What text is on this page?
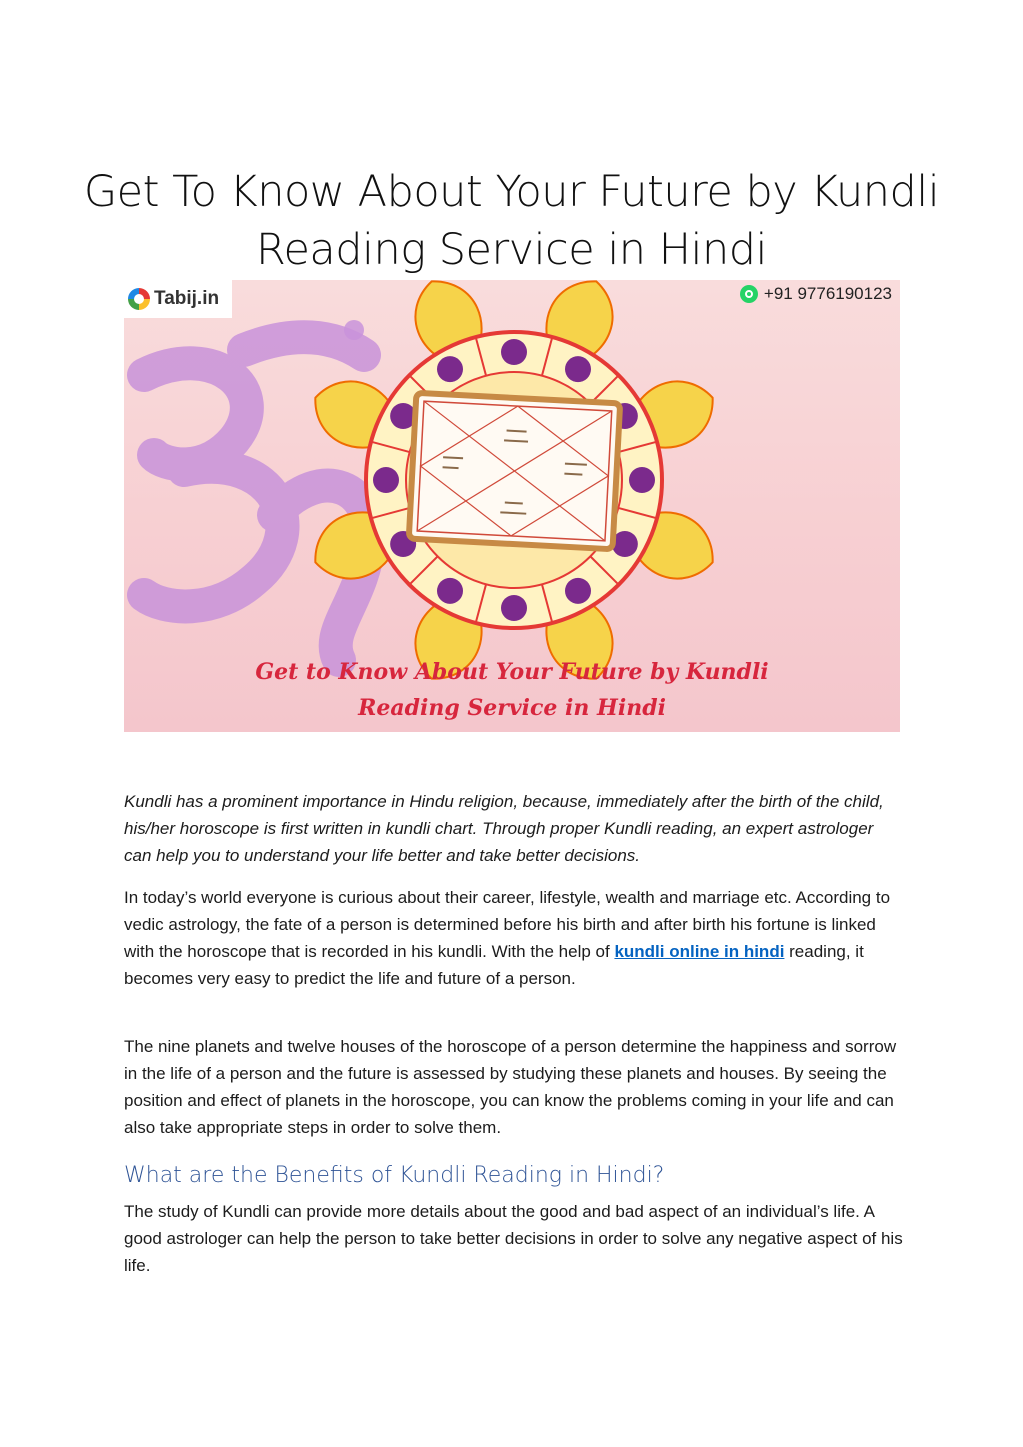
Get To Know About Your Future by Kundli
Reading Service in Hindi
Tabij.in	+91 9776190123
Get to Know About Your Future by Kundli
Reading Service in Hindi

Kundli has a prominent importance in Hindu religion, because, immediately after the birth of the child, his/her horoscope is first written in kundli chart. Through proper Kundli reading, an expert astrologer can help you to understand your life better and take better decisions.

In today’s world everyone is curious about their career, lifestyle, wealth and marriage etc. According to vedic astrology, the fate of a person is determined before his birth and after birth his fortune is linked with the horoscope that is recorded in his kundli. With the help of kundli online in hindi reading, it becomes very easy to predict the life and future of a person.

The nine planets and twelve houses of the horoscope of a person determine the happiness and sorrow in the life of a person and the future is assessed by studying these planets and houses. By seeing the position and effect of planets in the horoscope, you can know the problems coming in your life and can also take appropriate steps in order to solve them.

What are the Benefits of Kundli Reading in Hindi?

The study of Kundli can provide more details about the good and bad aspect of an individual’s life. A good astrologer can help the person to take better decisions in order to solve any negative aspect of his life.
